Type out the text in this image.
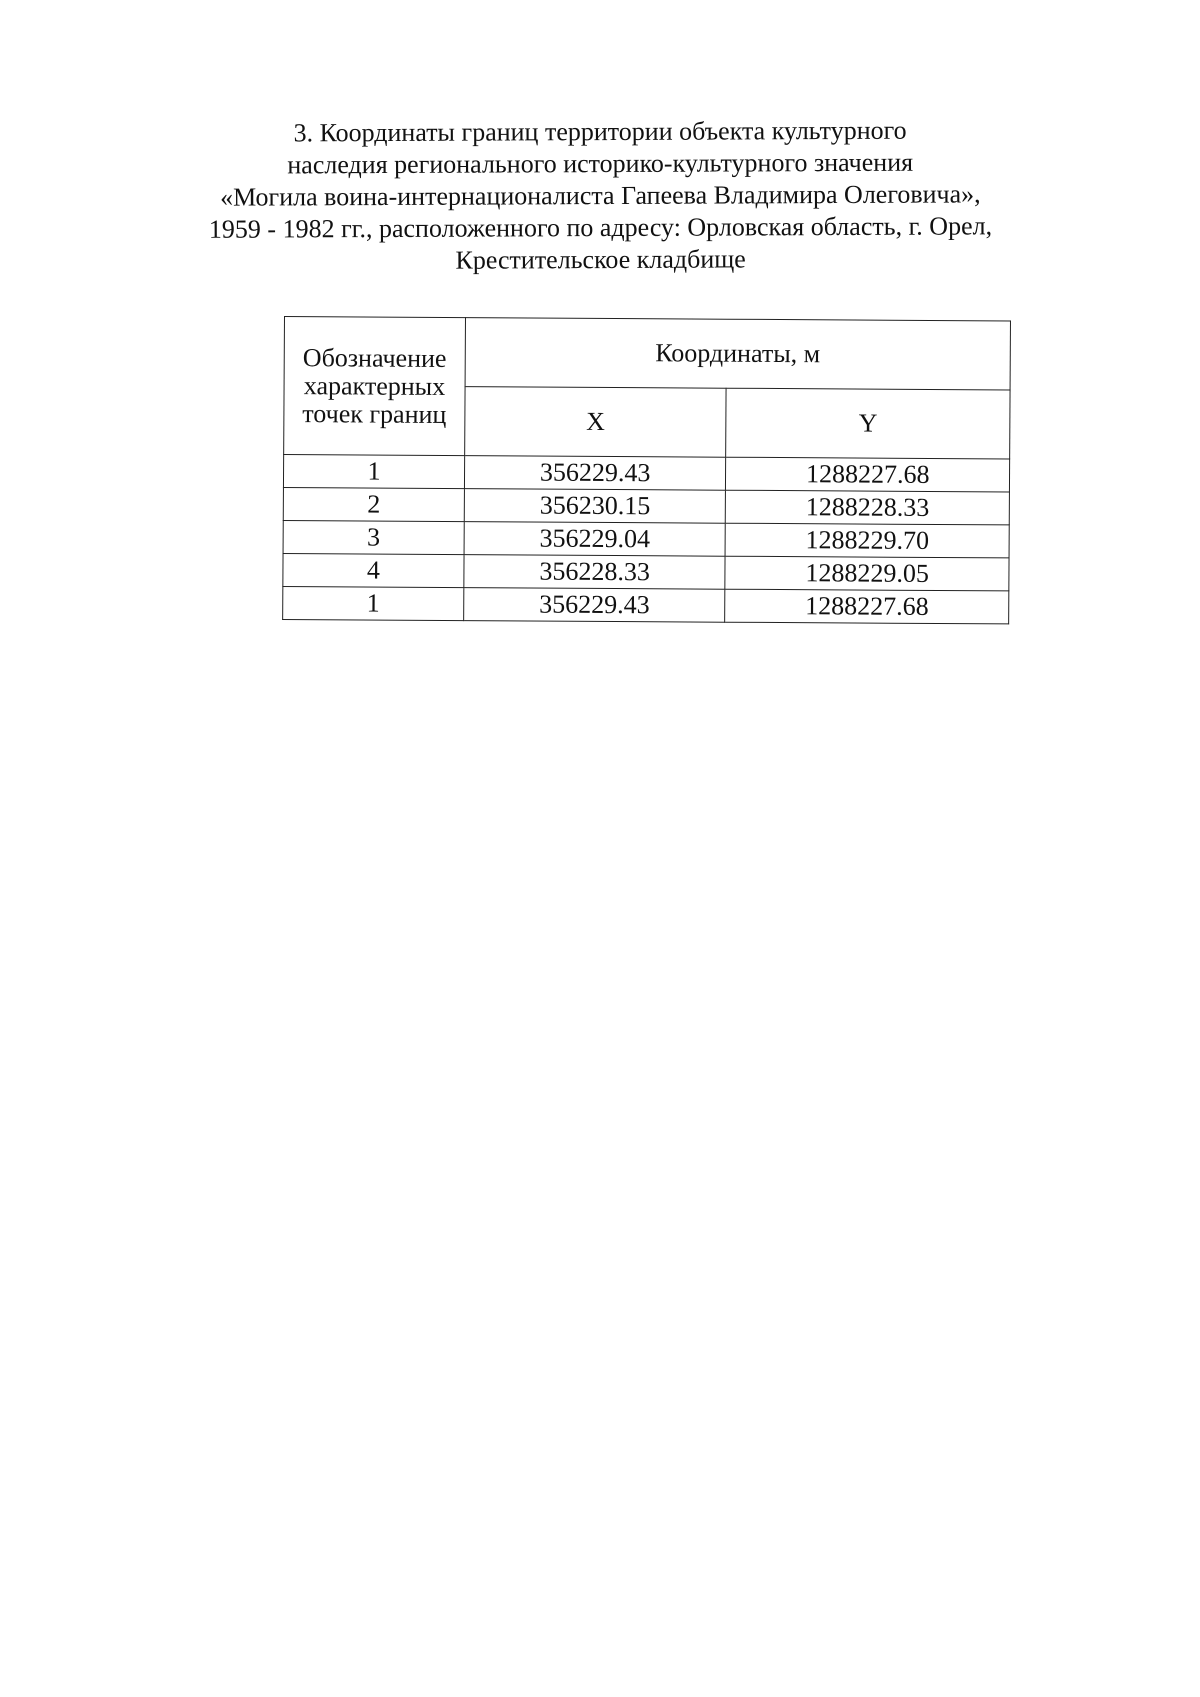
3. Координаты границ территории объекта культурного
наследия регионального историко-культурного значения
«Могила воина-интернационалиста Гапеева Владимира Олеговича»,
1959 - 1982 гг., расположенного по адресу: Орловская область, г. Орел,
Крестительское кладбище
Обозначение характерных точек границ	Координаты, м	
	X	Y
1	356229.43	1288227.68
2	356230.15	1288228.33
3	356229.04	1288229.70
4	356228.33	1288229.05
1	356229.43	1288227.68
